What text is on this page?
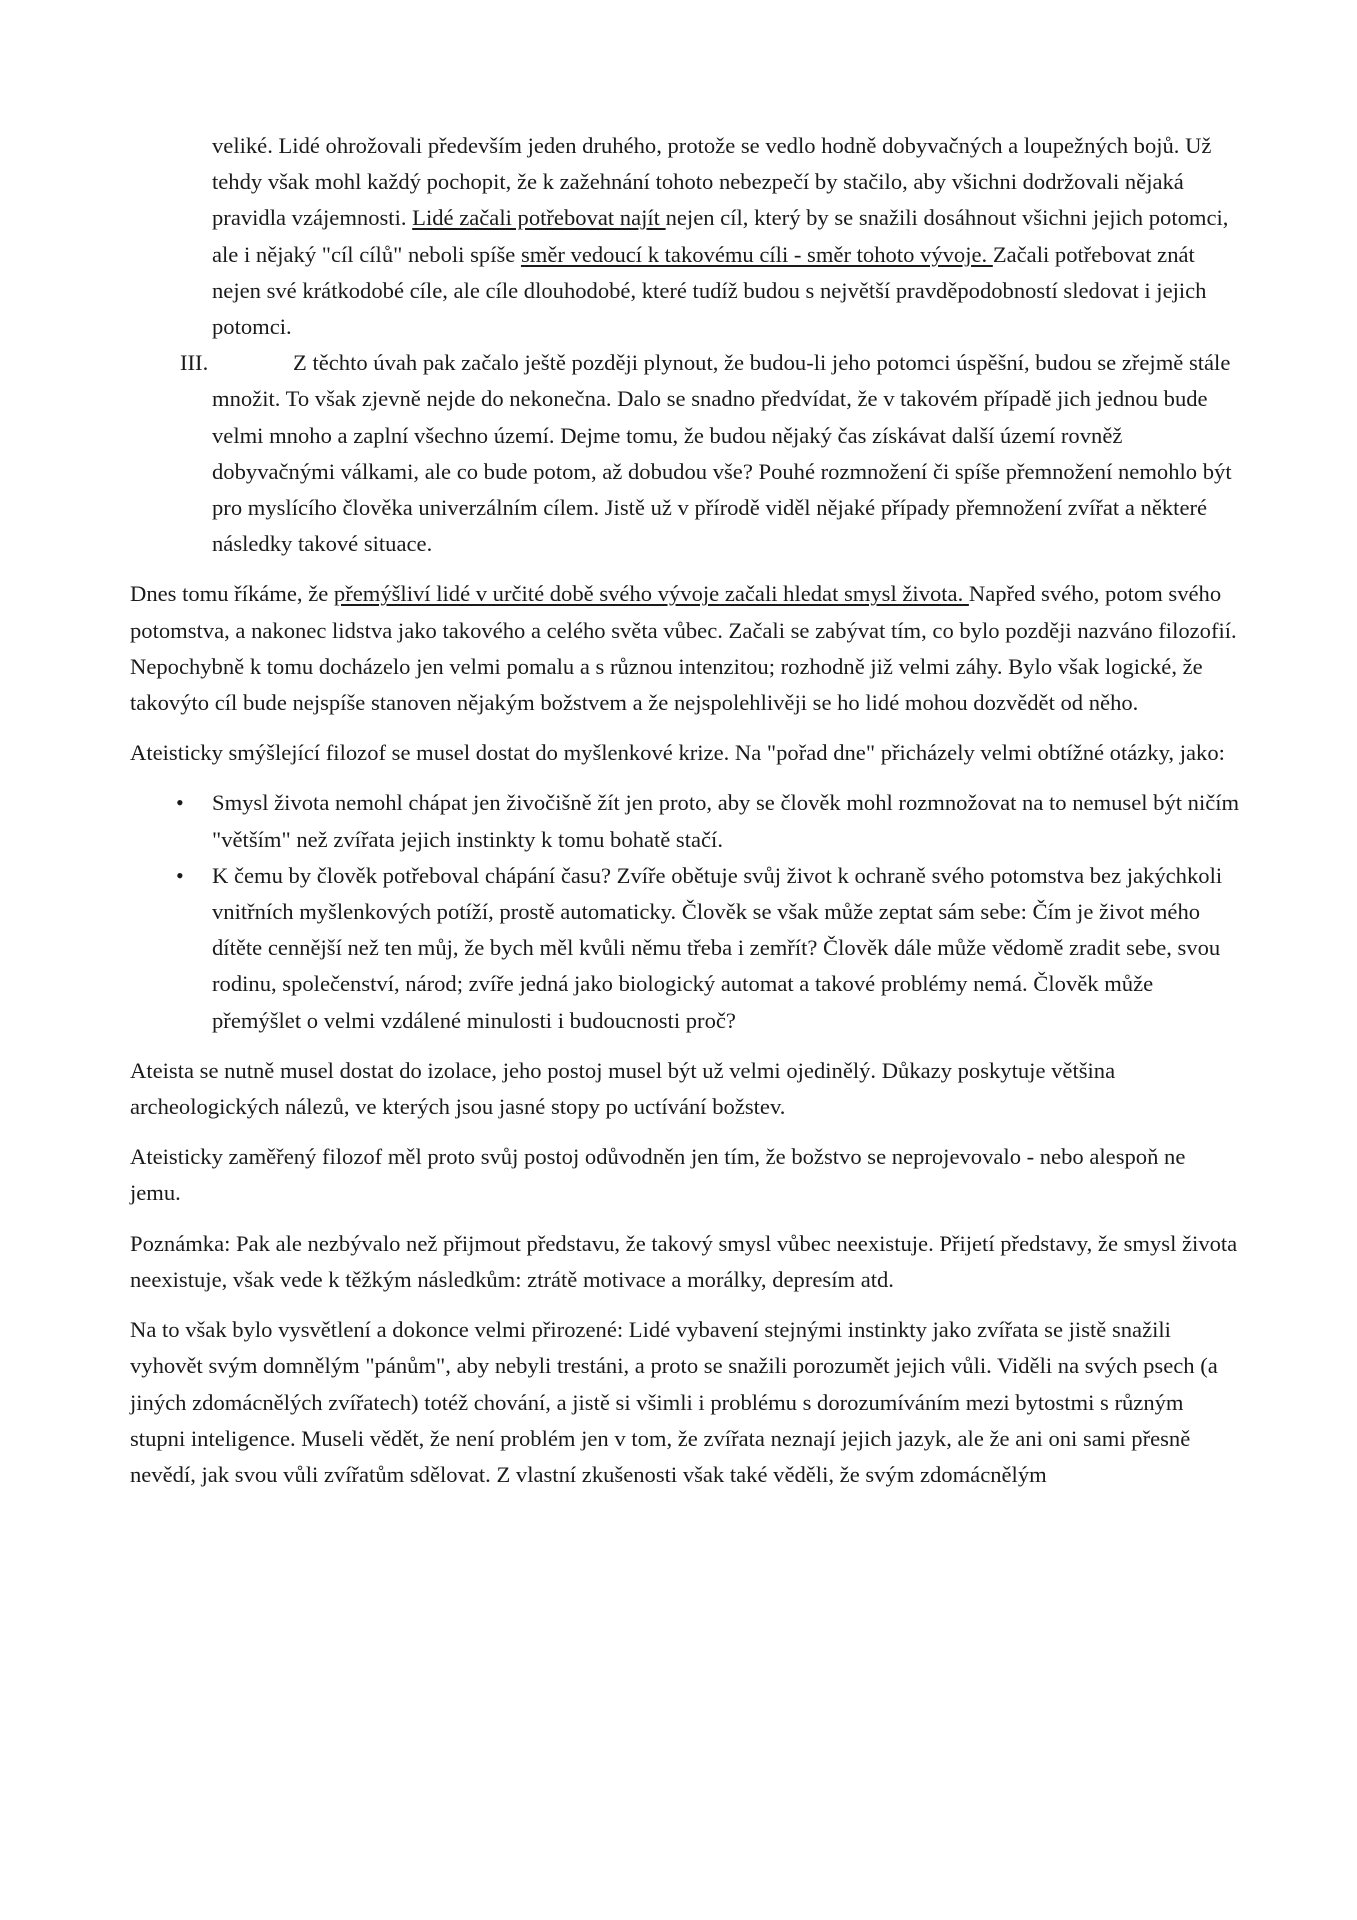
veliké. Lidé ohrožovali především jeden druhého, protože se vedlo hodně dobyvačných a loupežných bojů. Už tehdy však mohl každý pochopit, že k zažehnání tohoto nebezpečí by stačilo, aby všichni dodržovali nějaká pravidla vzájemnosti. Lidé začali potřebovat najít nejen cíl, který by se snažili dosáhnout všichni jejich potomci, ale i nějaký "cíl cílů" neboli spíše směr vedoucí k takovému cíli - směr tohoto vývoje. Začali potřebovat znát nejen své krátkodobé cíle, ale cíle dlouhodobé, které tudíž budou s největší pravděpodobností sledovat i jejich potomci.

III.	Z těchto úvah pak začalo ještě později plynout, že budou-li jeho potomci úspěšní, budou se zřejmě stále množit. To však zjevně nejde do nekonečna. Dalo se snadno předvídat, že v takovém případě jich jednou bude velmi mnoho a zaplní všechno území. Dejme tomu, že budou nějaký čas získávat další území rovněž dobyvačnými válkami, ale co bude potom, až dobudou vše? Pouhé rozmnožení či spíše přemnožení nemohlo být pro myslícího člověka univerzálním cílem. Jistě už v přírodě viděl nějaké případy přemnožení zvířat a některé následky takové situace.

Dnes tomu říkáme, že přemýšliví lidé v určité době svého vývoje začali hledat smysl života. Napřed svého, potom svého potomstva, a nakonec lidstva jako takového a celého světa vůbec. Začali se zabývat tím, co bylo později nazváno filozofií. Nepochybně k tomu docházelo jen velmi pomalu a s různou intenzitou; rozhodně již velmi záhy. Bylo však logické, že takovýto cíl bude nejspíše stanoven nějakým božstvem a že nejspolehlivěji se ho lidé mohou dozvědět od něho.

Ateisticky smýšlející filozof se musel dostat do myšlenkové krize. Na "pořad dne" přicházely velmi obtížné otázky, jako:

• Smysl života nemohl chápat jen živočišně žít jen proto, aby se člověk mohl rozmnožovat na to nemusel být ničím "větším" než zvířata jejich instinkty k tomu bohatě stačí.
• K čemu by člověk potřeboval chápání času? Zvíře obětuje svůj život k ochraně svého potomstva bez jakýchkoli vnitřních myšlenkových potíží, prostě automaticky. Člověk se však může zeptat sám sebe: Čím je život mého dítěte cennější než ten můj, že bych měl kvůli němu třeba i zemřít? Člověk dále může vědomě zradit sebe, svou rodinu, společenství, národ; zvíře jedná jako biologický automat a takové problémy nemá. Člověk může přemýšlet o velmi vzdálené minulosti i budoucnosti proč?

Ateista se nutně musel dostat do izolace, jeho postoj musel být už velmi ojedinělý. Důkazy poskytuje většina archeologických nálezů, ve kterých jsou jasné stopy po uctívání božstev.

Ateisticky zaměřený filozof měl proto svůj postoj odůvodněn jen tím, že božstvo se neprojevovalo - nebo alespoň ne jemu.

Poznámka: Pak ale nezbývalo než přijmout představu, že takový smysl vůbec neexistuje. Přijetí představy, že smysl života neexistuje, však vede k těžkým následkům: ztrátě motivace a morálky, depresím atd.

Na to však bylo vysvětlení a dokonce velmi přirozené: Lidé vybavení stejnými instinkty jako zvířata se jistě snažili vyhovět svým domnělým "pánům", aby nebyli trestáni, a proto se snažili porozumět jejich vůli. Viděli na svých psech (a jiných zdomácnělých zvířatech) totéž chování, a jistě si všimli i problému s dorozumíváním mezi bytostmi s různým stupni inteligence. Museli vědět, že není problém jen v tom, že zvířata neznají jejich jazyk, ale že ani oni sami přesně nevědí, jak svou vůli zvířatům sdělovat. Z vlastní zkušenosti však také věděli, že svým zdomácnělým
